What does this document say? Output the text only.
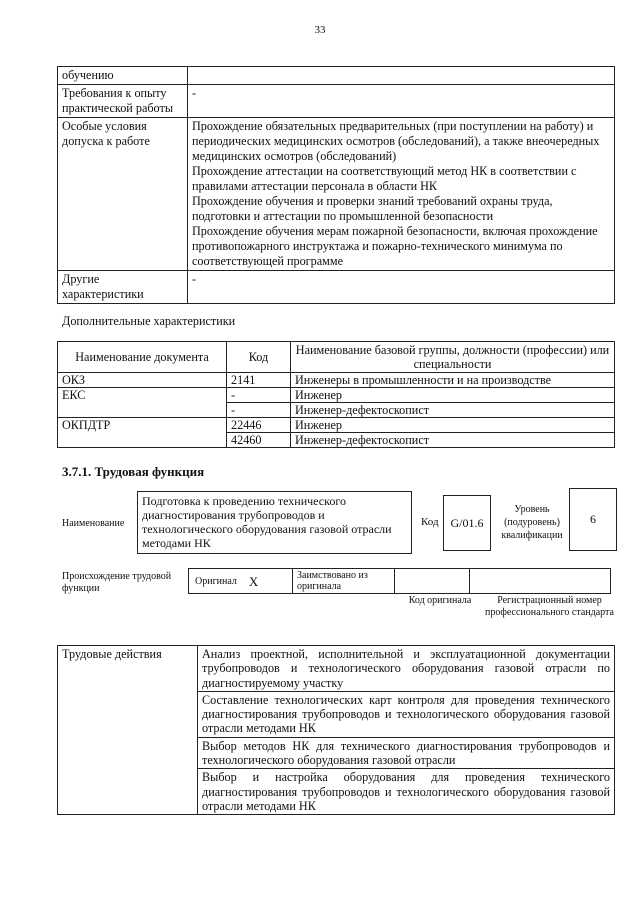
33
обучению	
Требования к опыту практической работы	-
Особые условия допуска к работе	Прохождение обязательных предварительных (при поступлении на работу) и периодических медицинских осмотров (обследований), а также внеочередных медицинских осмотров (обследований)
Прохождение аттестации на соответствующий метод НК в соответствии с правилами аттестации персонала в области НК
Прохождение обучения и проверки знаний требований охраны труда, подготовки и аттестации по промышленной безопасности
Прохождение обучения мерам пожарной безопасности, включая прохождение противопожарного инструктажа и пожарно-технического минимума по соответствующей программе

Другие характеристики	-
Дополнительные характеристики
Наименование документа	Код	Наименование базовой группы, должности (профессии) или специальности
ОКЗ	2141	Инженеры в промышленности и на производстве
ЕКС	-	Инженер
	-	Инженер-дефектоскопист
ОКПДТР	22446	Инженер
	42460	Инженер-дефектоскопист
3.7.1. Трудовая функция
Наименование
Подготовка к проведению технического диагностирования трубопроводов и технологического оборудования газовой отрасли методами НК
Код G/01.6
Уровень (подуровень) квалификации
6
Происхождение трудовой функции
Оригинал X	Заимствовано из оригинала
Код оригинала	Регистрационный номер профессионального стандарта
Трудовые действия	Анализ проектной, исполнительной и эксплуатационной документации трубопроводов и технологического оборудования газовой отрасли по диагностируемому участку
Составление технологических карт контроля для проведения технического диагностирования трубопроводов и технологического оборудования газовой отрасли методами НК
Выбор методов НК для технического диагностирования трубопроводов и технологического оборудования газовой отрасли
Выбор и настройка оборудования для проведения технического диагностирования трубопроводов и технологического оборудования газовой отрасли методами НК
